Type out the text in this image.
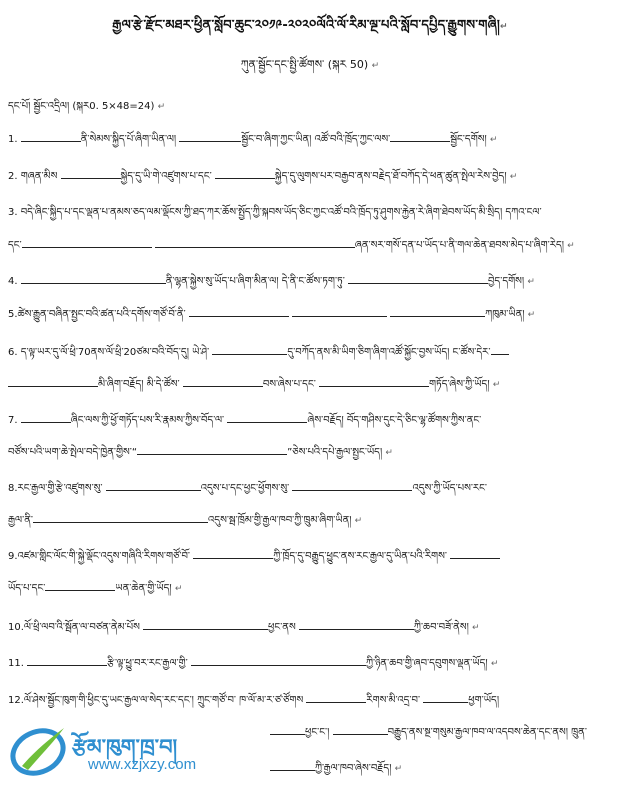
རྒྱལ་རྩེ་རྫོང་མཐར་ཕྱིན་སློབ་ཆུང་༢༠༡༩-༢༠༢༠ལོའི་ལོ་རིམ་ལྔ་པའི་སློབ་དཔྱིད་རྒྱུགས་གཞི།↵
ཀུན་སྦྱོང་དང་སྤྱི་ཚོགས་ (སྐར 50) ↵
དང་པོ། སྦྱོང་འདྲིལ། (སྐར0. 5×48=24) ↵
1.	ནི་སེམས་སྐྱིད་པོ་ཞིག་ཡིན་ལ།	སྦྱོང་བ་ཞིག་ཀྱང་ཡིན། འཚོ་བའི་ཁྲོད་ཀྱང་ལས་	སྦྱོང་དགོས། ↵
2. གཞན་མིས	སྐྱེད་དུ་ཡི་གེ་འཛུགས་པ་དང་	སྐྱེད་དུ་ལུགས་པར་བརྒྱབ་ནས་བརྗེད་ཐོ་བཀོད་དེ་ཕན་ཚུན་སྤེལ་རེས་བྱེད། ↵
3. བདེ་ཞིང་སྐྱིད་པ་དང་ལྡན་པ་ནམས་ཅད་ལམ་ལྡོངས་ཀྱི་ཐད་ཀར་ཆོས་སྤྱོད་ཀྱི་སྐབས་ཡོད་ཅིང་ཀྱང་འཚོ་བའི་ཁྲོད་ཏུ་ཤུགས་རྐྱེན་རེ་ཞིག་ཐེབས་ཡོད་མི་སྲིད། དཀའ་ངལ་
དང་	ཞན་སར་གསོ་དན་པ་ཡོད་པ་ནི་གལ་ཆེན་ཐབས་མེད་པ་ཞིག་རེད། ↵
4.	ནི་ལྷན་སྐྱེས་སུ་ཡོད་པ་ཞིག་མིན་ལ། དེ་ནི་ང་ཚོས་ཏག་ཏུ་	བྱེད་དགོས། ↵
5.ཚེས་རྒྱུན་བཞིན་སྤྱང་བའི་ཚན་པའི་དགོས་གཙོ་བོ་ནི་	ཀཁུམ་ཡིན། ↵
6. ད་ལྟ་ཡར་དུ་ལོ་ཕྲི་70ནས་ལོ་ཕྲི་20ཙམ་བའི་བོད་དུ། ཡེ་ཤེ་	དུ་བཀོད་ནས་མི་ཡིག་ཅིག་ཞིག་འཚོ་སྐྱོང་བྱས་ཡོད། ང་ཚོས་དེར་
མི་ཞིག་བརྗོད། མི་དེ་ཚོས་	བས་ཞེས་པ་དང་	གཏོད་ཞེས་ཀྱི་ཡོད། ↵
7.	ཞིང་ལས་ཀྱི་ཕྱོ་གཏོད་པས་རི་རྣམས་ཀྱིས་བོད་ལ་	ཞེས་བརྗོད། བོད་གཤིས་དུང་དེ་ཅིང་ལྷ་ཚོགས་ཀྱིས་ནང་
བཙོས་པའི་ཡག་ཆེ་སྤེལ་བདེ་ཁྱེན་གྱིས་“	”ཅེས་པའི་དཔེ་རྒྱལ་སྤྱང་ཡོད། ↵
8.རང་རྒྱལ་གྱི་རྩེ་འཛུགས་སུ་	འདུས་པ་དང་ཕྱང་ཕྱོགས་སུ་	འདུས་ཀྱི་ཡོད་པས་རང་
རྒྱལ་ནི་	འདུས་སྦ་ཁྲོམ་གྱི་རྒྱལ་ཁབ་ཀྱི་ཁྲུམ་ཞིག་ཡིན། ↵
9.འཛམ་གླིང་ལོང་གི་སྐྱེ་ལྡོང་འདུས་གཞིའི་རིགས་གཙོ་བོ་	ཀྱི་ཁྲོད་དུ་བརྒྱུད་ཕྱུང་ནས་རང་རྒྱལ་དུ་ཡིན་པའི་རིགས་
ཡོད་པ་དང་	ཡན་ཆེན་གྱི་ཡོད། ↵
10.ལོ་ཕྲི་ལབ་འི་སྦོན་ལ་བཙན་ནེམ་པོས	ཕྱང་ནས	ཀྱི་ཆབ་བཟོ་ནེས། ↵
11.	རྩི་ལྟ་ཕྱུ་བར་རང་རྒྱལ་གྱི་	ཀྱི་ཉིན་ཆབ་གྱི་ཞབ་དབུགས་ལྡན་ཡོད། ↵
12.ལོ་ཤེས་སྦྱོང་ཁུག་གི་ཕྱིང་དུ་ཡང་རྒྱལ་ལ་སེད་རང་དང་། ཀྲུང་གཙོ་བ་ ཁ་ལོ་མ་ར་ཙ་ཙོགས	རིགས་མི་འདྲ་བ་	ཕྱག་ཡོད།
ཕྱང་ང་།	བརྒྱུད་ནས་སྔ་གསུམ་རྒྱལ་ཁབ་ལ་འདབས་ཆེན་དང་ནས། ཁྲུན་
ཀྱི་རྒྱལ་ཁབ་ཞེས་བརྗོད། ↵
རྩོམ་ཁུག་ཁྲ་བ།
www.xzjxzy.com
